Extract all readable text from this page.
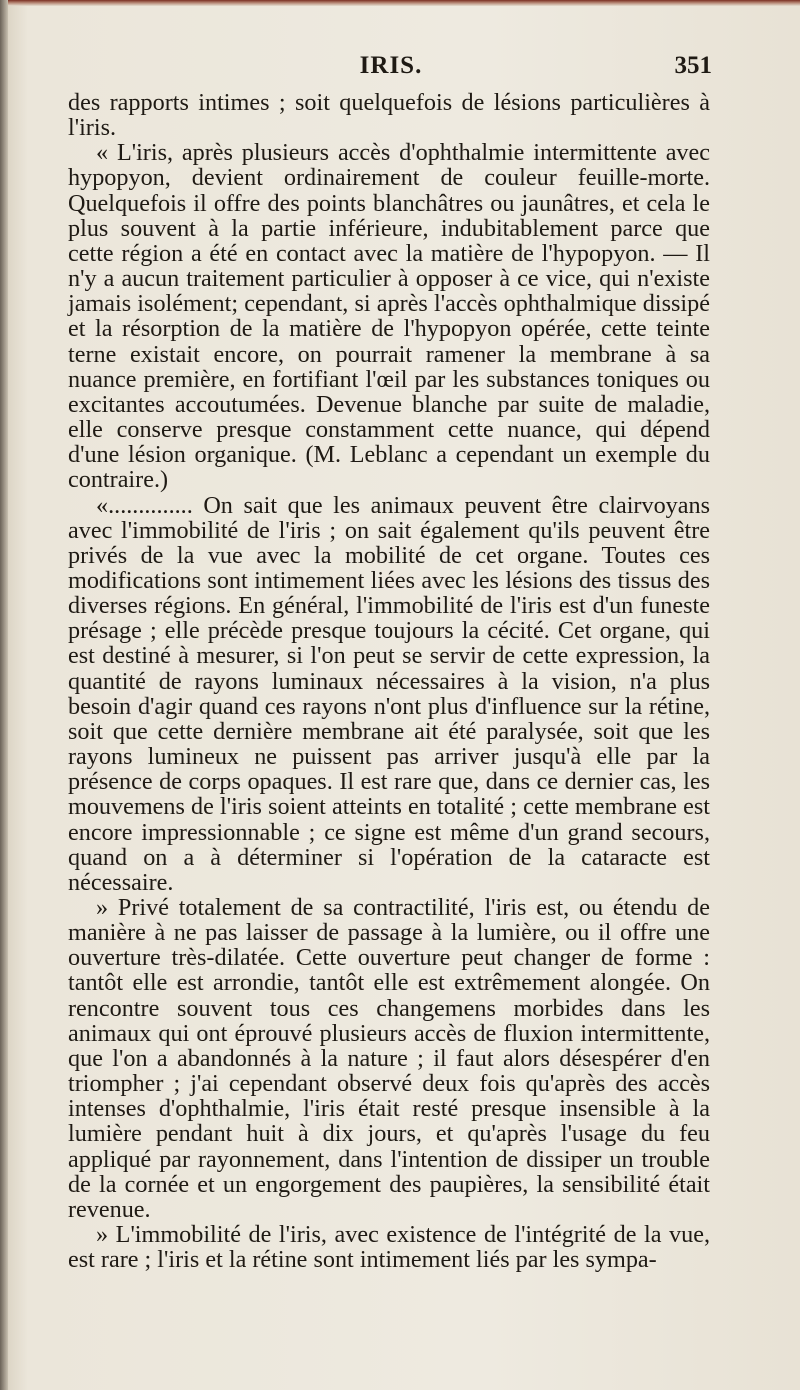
IRIS.	351

des rapports intimes ; soit quelquefois de lésions particulières à l'iris.

« L'iris, après plusieurs accès d'ophthalmie intermittente avec hypopyon, devient ordinairement de couleur feuille-morte. Quelquefois il offre des points blanchâtres ou jaunâtres, et cela le plus souvent à la partie inférieure, indubitablement parce que cette région a été en contact avec la matière de l'hypopyon. — Il n'y a aucun traitement particulier à opposer à ce vice, qui n'existe jamais isolément; cependant, si après l'accès ophthalmique dissipé et la résorption de la matière de l'hypopyon opérée, cette teinte terne existait encore, on pourrait ramener la membrane à sa nuance première, en fortifiant l'œil par les substances toniques ou excitantes accoutumées. Devenue blanche par suite de maladie, elle conserve presque constamment cette nuance, qui dépend d'une lésion organique. (M. Leblanc a cependant un exemple du contraire.)

«.............. On sait que les animaux peuvent être clairvoyans avec l'immobilité de l'iris ; on sait également qu'ils peuvent être privés de la vue avec la mobilité de cet organe. Toutes ces modifications sont intimement liées avec les lésions des tissus des diverses régions. En général, l'immobilité de l'iris est d'un funeste présage ; elle précède presque toujours la cécité. Cet organe, qui est destiné à mesurer, si l'on peut se servir de cette expression, la quantité de rayons luminaux nécessaires à la vision, n'a plus besoin d'agir quand ces rayons n'ont plus d'influence sur la rétine, soit que cette dernière membrane ait été paralysée, soit que les rayons lumineux ne puissent pas arriver jusqu'à elle par la présence de corps opaques. Il est rare que, dans ce dernier cas, les mouvemens de l'iris soient atteints en totalité ; cette membrane est encore impressionnable ; ce signe est même d'un grand secours, quand on a à déterminer si l'opération de la cataracte est nécessaire.

» Privé totalement de sa contractilité, l'iris est, ou étendu de manière à ne pas laisser de passage à la lumière, ou il offre une ouverture très-dilatée. Cette ouverture peut changer de forme : tantôt elle est arrondie, tantôt elle est extrêmement alongée. On rencontre souvent tous ces changemens morbides dans les animaux qui ont éprouvé plusieurs accès de fluxion intermittente, que l'on a abandonnés à la nature ; il faut alors désespérer d'en triompher ; j'ai cependant observé deux fois qu'après des accès intenses d'ophthalmie, l'iris était resté presque insensible à la lumière pendant huit à dix jours, et qu'après l'usage du feu appliqué par rayonnement, dans l'intention de dissiper un trouble de la cornée et un engorgement des paupières, la sensibilité était revenue.

» L'immobilité de l'iris, avec existence de l'intégrité de la vue, est rare ; l'iris et la rétine sont intimement liés par les sympa-
